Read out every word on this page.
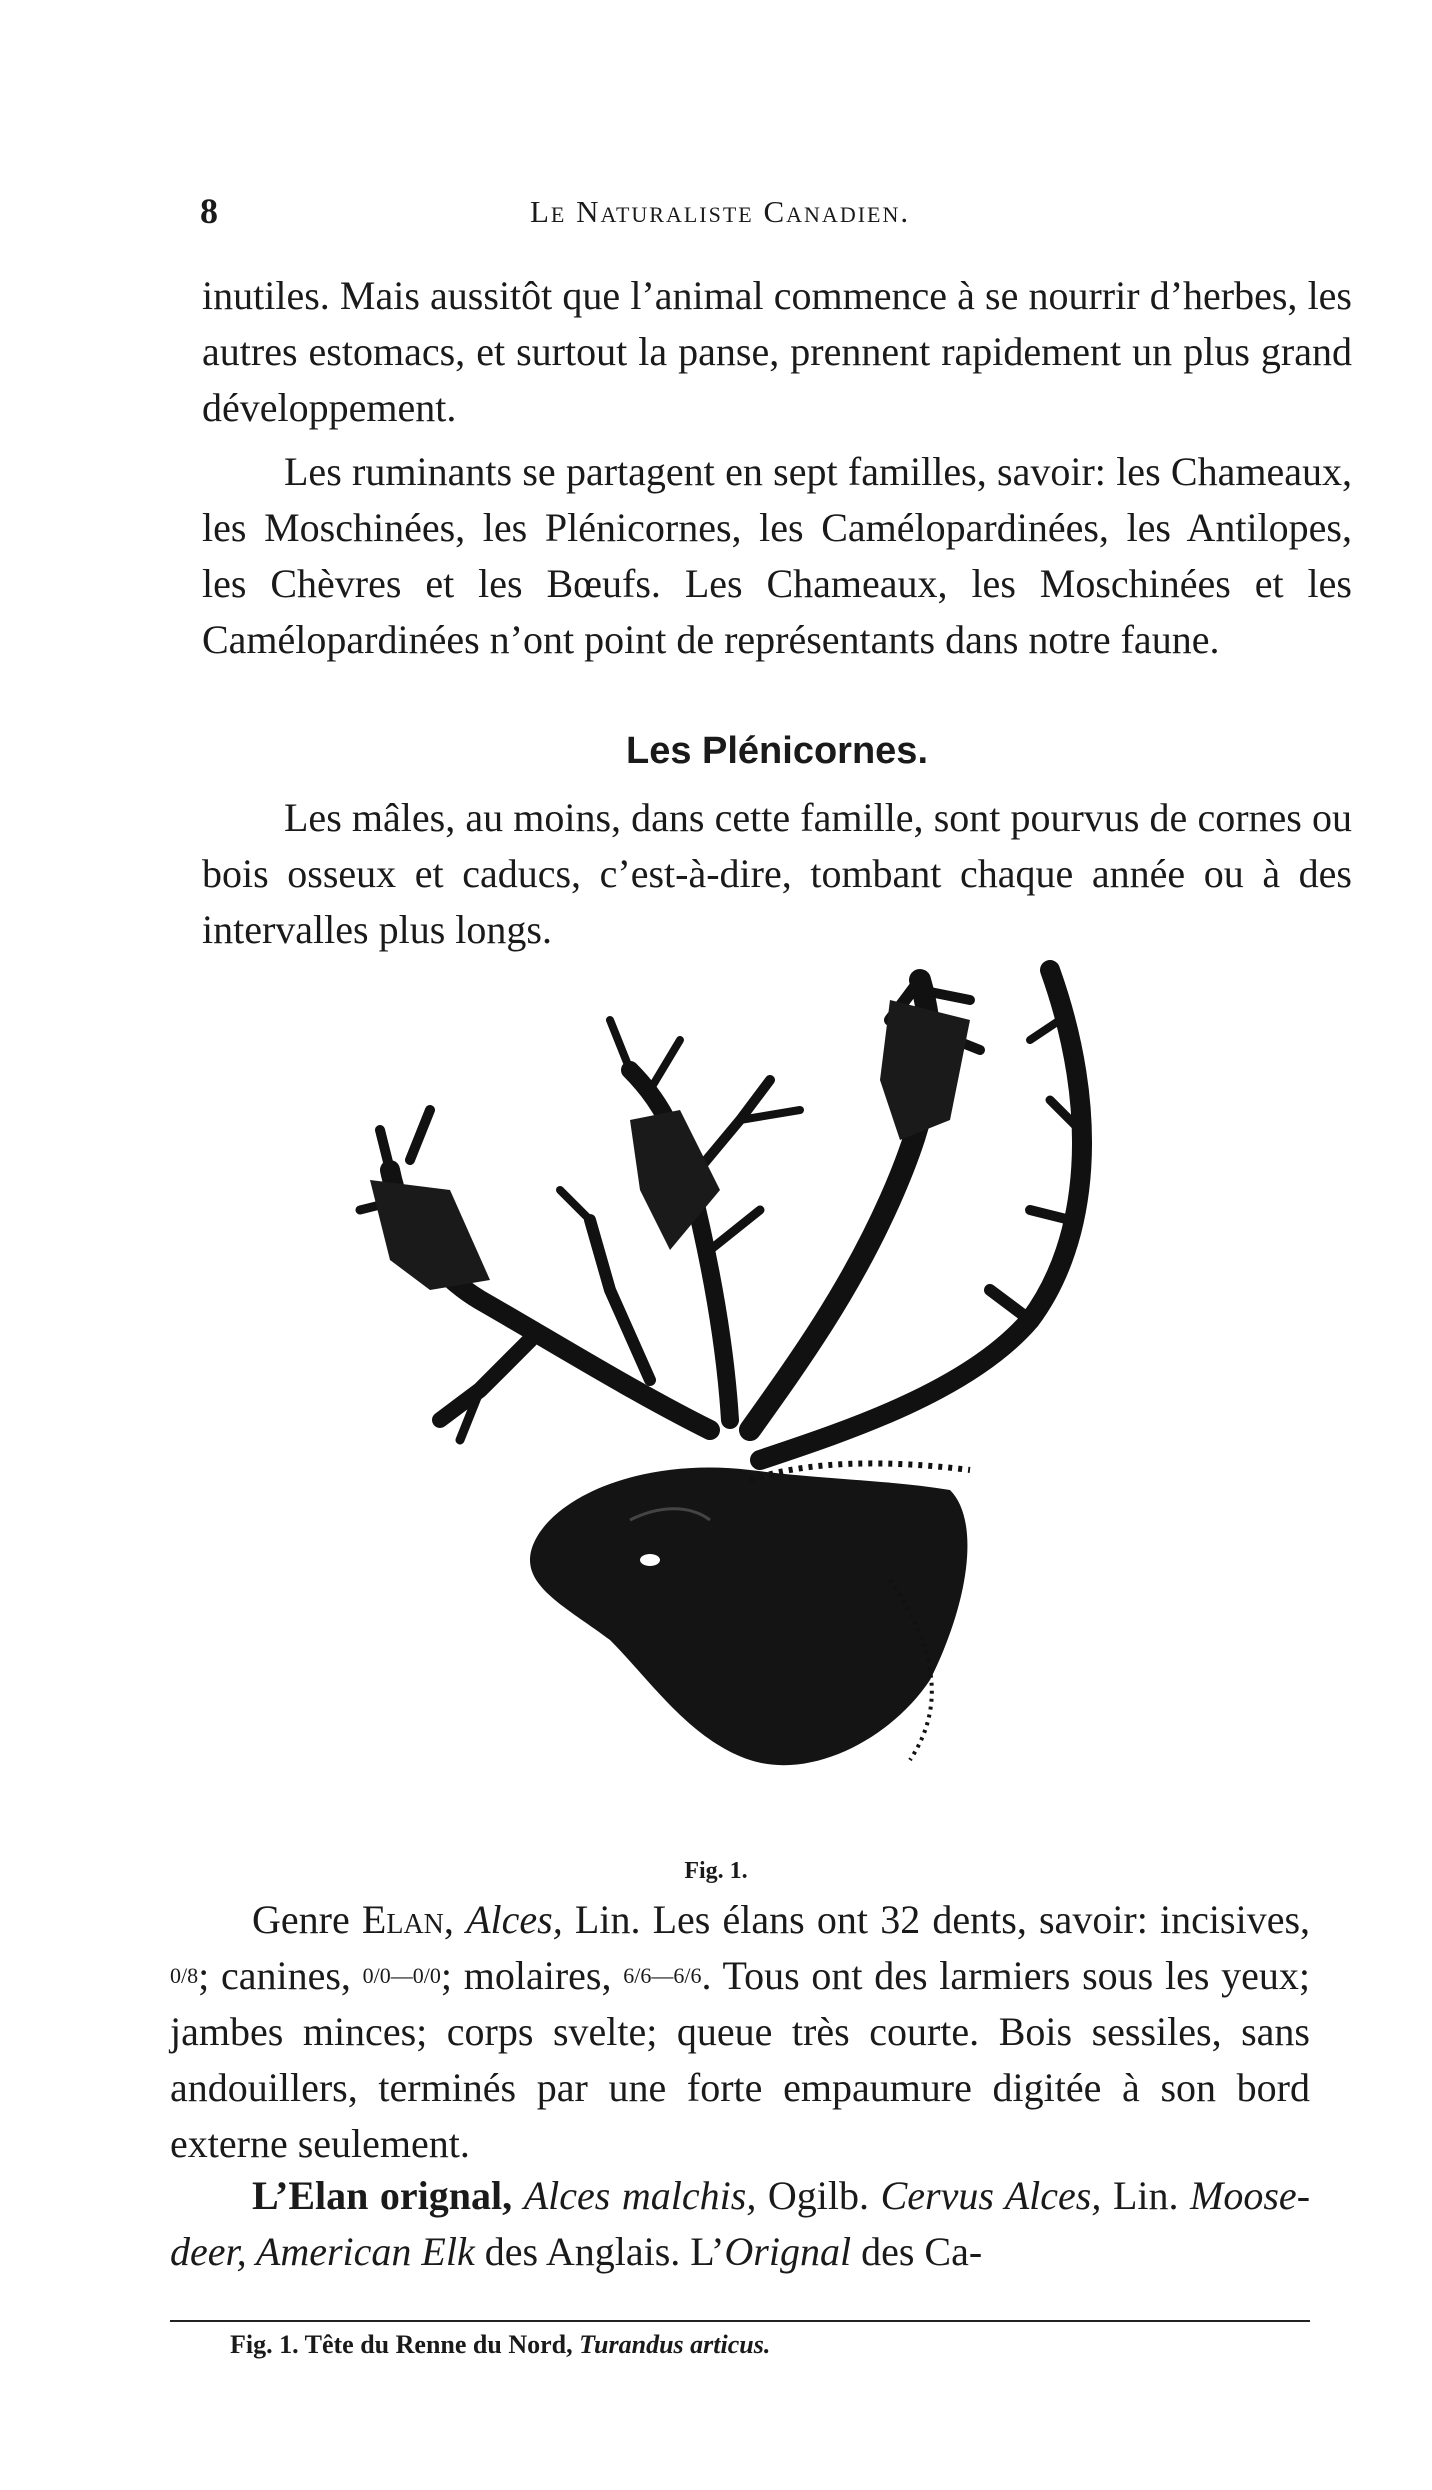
8	Le Naturaliste Canadien.

inutiles. Mais aussitôt que l’animal commence à se nourrir d’herbes, les autres estomacs, et surtout la panse, prennent rapidement un plus grand développement.

Les ruminants se partagent en sept familles, savoir: les Chameaux, les Moschinées, les Plénicornes, les Camélopardinées, les Antilopes, les Chèvres et les Bœufs. Les Chameaux, les Moschinées et les Camélopardinées n’ont point de représentants dans notre faune.

Les Plénicornes.

Les mâles, au moins, dans cette famille, sont pourvus de cornes ou bois osseux et caducs, c’est-à-dire, tombant chaque année ou à des intervalles plus longs.

Fig. 1.

Genre Elan, Alces, Lin. Les élans ont 32 dents, savoir: incisives, 0/8; canines, 0/0—0/0; molaires, 6/6—6/6. Tous ont des larmiers sous les yeux; jambes minces; corps svelte; queue très courte. Bois sessiles, sans andouillers, terminés par une forte empaumure digitée à son bord externe seulement.

L’Elan orignal, Alces malchis, Ogilb. Cervus Alces, Lin. Moose-deer, American Elk des Anglais. L’Orignal des Ca-

Fig. 1. Tête du Renne du Nord, Turandus articus.
